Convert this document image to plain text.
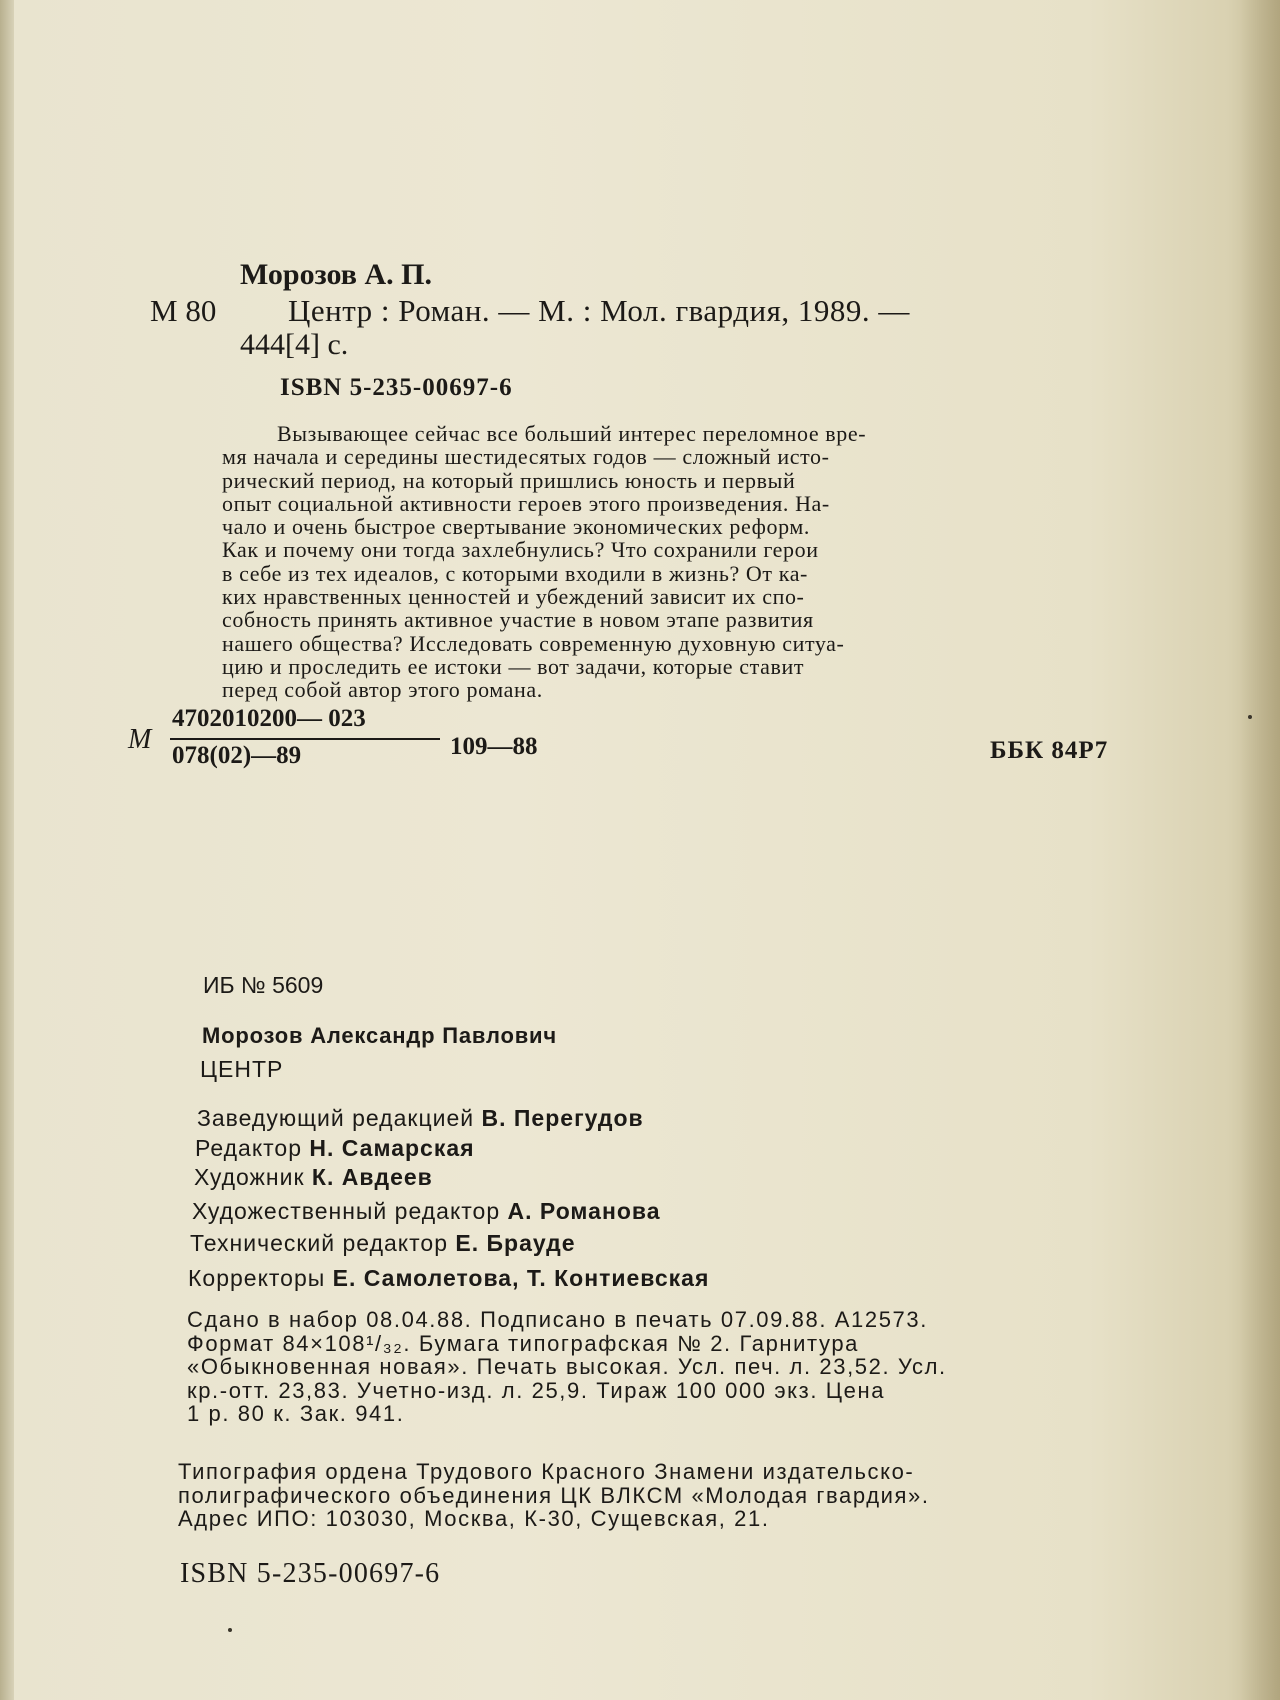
Морозов А. П.
М 80 Центр : Роман. — М. : Мол. гвардия, 1989. —
444[4] с.
ISBN 5-235-00697-6
Вызывающее сейчас все больший интерес переломное вре-
мя начала и середины шестидесятых годов — сложный исто-
рический период, на который пришлись юность и первый
опыт социальной активности героев этого произведения. На-
чало и очень быстрое свертывание экономических реформ.
Как и почему они тогда захлебнулись? Что сохранили герои
в себе из тех идеалов, с которыми входили в жизнь? От ка-
ких нравственных ценностей и убеждений зависит их спо-
собность принять активное участие в новом этапе развития
нашего общества? Исследовать современную духовную ситуа-
цию и проследить ее истоки — вот задачи, которые ставит
перед собой автор этого романа.
М
4702010200— 023
078(02)—89	109—88	ББК 84Р7
ИБ № 5609
Морозов Александр Павлович
ЦЕНТР
Заведующий редакцией В. Перегудов
Редактор Н. Самарская
Художник К. Авдеев
Художественный редактор А. Романова
Технический редактор Е. Брауде
Корректоры Е. Самолетова, Т. Контиевская
Сдано в набор 08.04.88. Подписано в печать 07.09.88. А12573.
Формат 84×108¹/₃₂. Бумага типографская № 2. Гарнитура
«Обыкновенная новая». Печать высокая. Усл. печ. л. 23,52. Усл.
кр.-отт. 23,83. Учетно-изд. л. 25,9. Тираж 100 000 экз. Цена
1 р. 80 к. Зак. 941.
Типография ордена Трудового Красного Знамени издательско-
полиграфического объединения ЦК ВЛКСМ «Молодая гвардия».
Адрес ИПО: 103030, Москва, К-30, Сущевская, 21.
ISBN 5-235-00697-6
